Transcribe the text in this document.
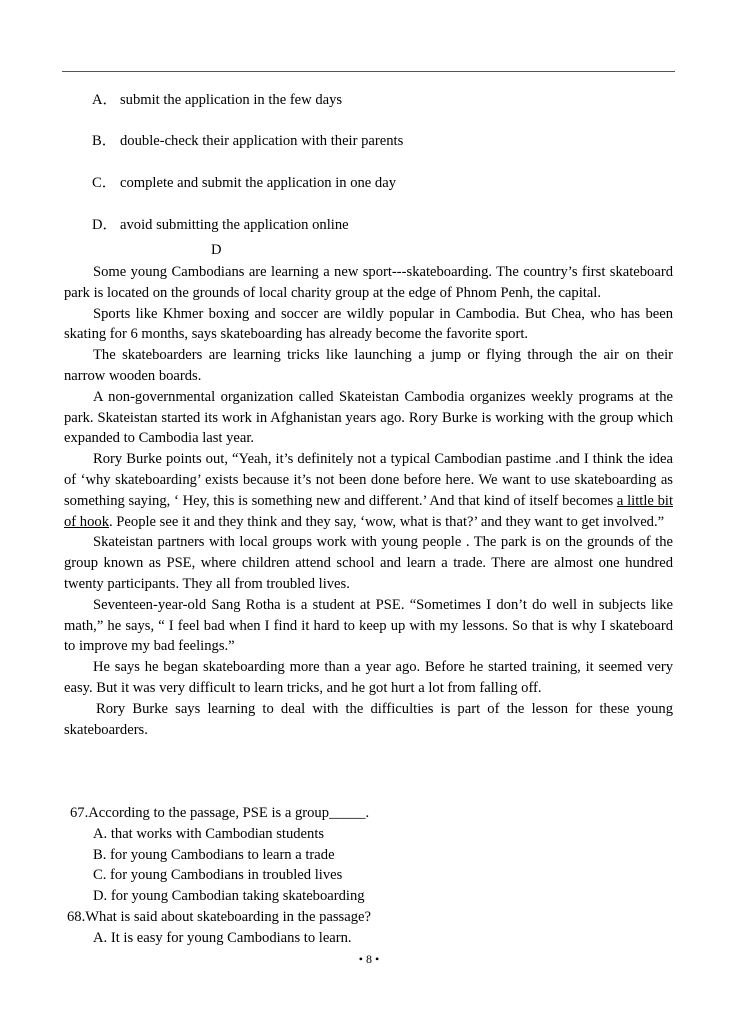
A． submit the application in the few days
B． double-check their application with their parents
C． complete and submit the application in one day
D． avoid submitting the application online
D

Some young Cambodians are learning a new sport---skateboarding. The country’s first skateboard park is located on the grounds of local charity group at the edge of Phnom Penh, the capital.

Sports like Khmer boxing and soccer are wildly popular in Cambodia. But Chea, who has been skating for 6 months, says skateboarding has already become the favorite sport.

The skateboarders are learning tricks like launching a jump or flying through the air on their narrow wooden boards.

A non-governmental organization called Skateistan Cambodia organizes weekly programs at the park. Skateistan started its work in Afghanistan years ago. Rory Burke is working with the group which expanded to Cambodia last year.

Rory Burke points out, “Yeah, it’s definitely not a typical Cambodian pastime .and I think the idea of ‘why skateboarding’ exists because it’s not been done before here. We want to use skateboarding as something saying, ‘ Hey, this is something new and different.’ And that kind of itself becomes a little bit of hook. People see it and they think and they say, ‘wow, what is that?’ and they want to get involved.”

Skateistan partners with local groups work with young people . The park is on the grounds of the group known as PSE, where children attend school and learn a trade. There are almost one hundred twenty participants. They all from troubled lives.

Seventeen-year-old Sang Rotha is a student at PSE. “Sometimes I don’t do well in subjects like math,” he says, “ I feel bad when I find it hard to keep up with my lessons. So that is why I skateboard to improve my bad feelings.”

He says he began skateboarding more than a year ago. Before he started training, it seemed very easy. But it was very difficult to learn tricks, and he got hurt a lot from falling off.

Rory Burke says learning to deal with the difficulties is part of the lesson for these young skateboarders.

67.According to the passage, PSE is a group_____.

A. that works with Cambodian students

B. for young Cambodians to learn a trade

C. for young Cambodians in troubled lives

D. for young Cambodian taking skateboarding

68.What is said about skateboarding in the passage?

A. It is easy for young Cambodians to learn.

• 8 •
